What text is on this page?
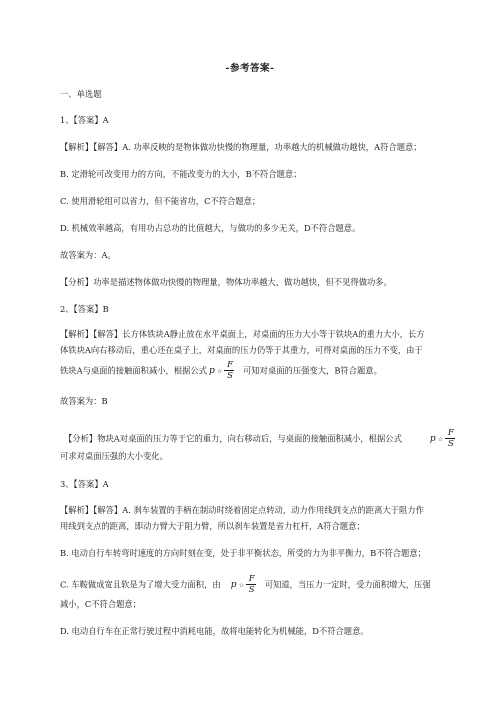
-参考答案-
一、单选题
1、【答案】A
【解析】【解答】A. 功率反映的是物体做功快慢的物理量，功率越大的机械做功越快，A符合题意；
B. 定滑轮可改变用力的方向，不能改变力的大小，B不符合题意；
C. 使用滑轮组可以省力，但不能省功，C不符合题意；
D. 机械效率越高，有用功占总功的比值越大，与做功的多少无关，D不符合题意。
故答案为：A。
【分析】功率是描述物体做功快慢的物理量，物体功率越大，做功越快，但不见得做功多。
2、【答案】B
【解析】【解答】长方体铁块A静止放在水平桌面上，对桌面的压力大小等于铁块A的重力大小，长方
体铁块A向右移动后，重心还在桌子上，对桌面的压力仍等于其重力，可得对桌面的压力不变，由于
铁块A与桌面的接触面积减小，根据公式 p ☆
F
S
可知对桌面的压强变大，B符合题意。
故答案为：B
【分析】物块A对桌面的压力等于它的重力，向右移动后，与桌面的接触面积减小，根据公式	p ☆
F
S
可求对桌面压强的大小变化。
3、【答案】A
【解析】【解答】A. 刹车装置的手柄在制动时绕着固定点转动，动力作用线到支点的距离大于阻力作
用线到支点的距离，即动力臂大于阻力臂，所以刹车装置是省力杠杆，A符合题意；
B. 电动自行车转弯时速度的方向时刻在变，处于非平衡状态，所受的力为非平衡力，B不符合题意；
C. 车鞍做成宽且软是为了增大受力面积，由 p ☆
F
S
可知道，当压力一定时，受力面积增大，压强
减小，C不符合题意；
D. 电动自行车在正常行驶过程中消耗电能，故将电能转化为机械能，D不符合题意。
